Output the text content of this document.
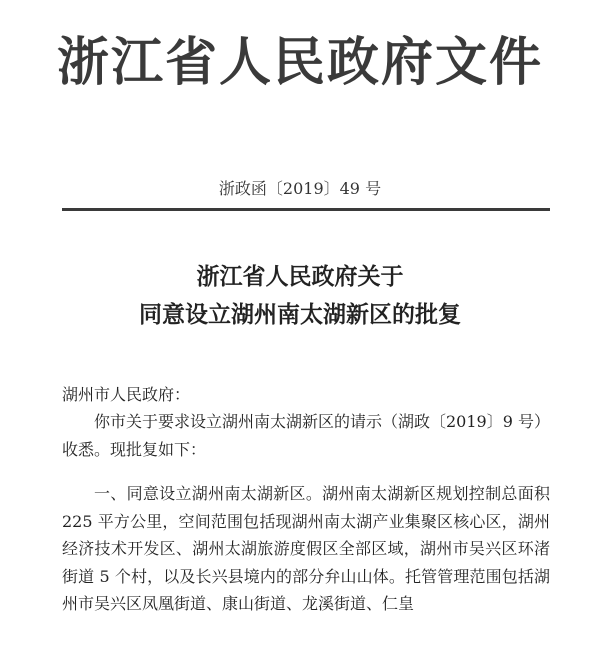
浙江省人民政府文件
浙政函〔2019〕49 号
浙江省人民政府关于
同意设立湖州南太湖新区的批复
湖州市人民政府：

你市关于要求设立湖州南太湖新区的请示（湖政〔2019〕9 号）收悉。现批复如下：

一、同意设立湖州南太湖新区。湖州南太湖新区规划控制总面积 225 平方公里，空间范围包括现湖州南太湖产业集聚区核心区，湖州经济技术开发区、湖州太湖旅游度假区全部区域，湖州市吴兴区环渚街道 5 个村，以及长兴县境内的部分弁山山体。托管管理范围包括湖州市吴兴区凤凰街道、康山街道、龙溪街道、仁皇
